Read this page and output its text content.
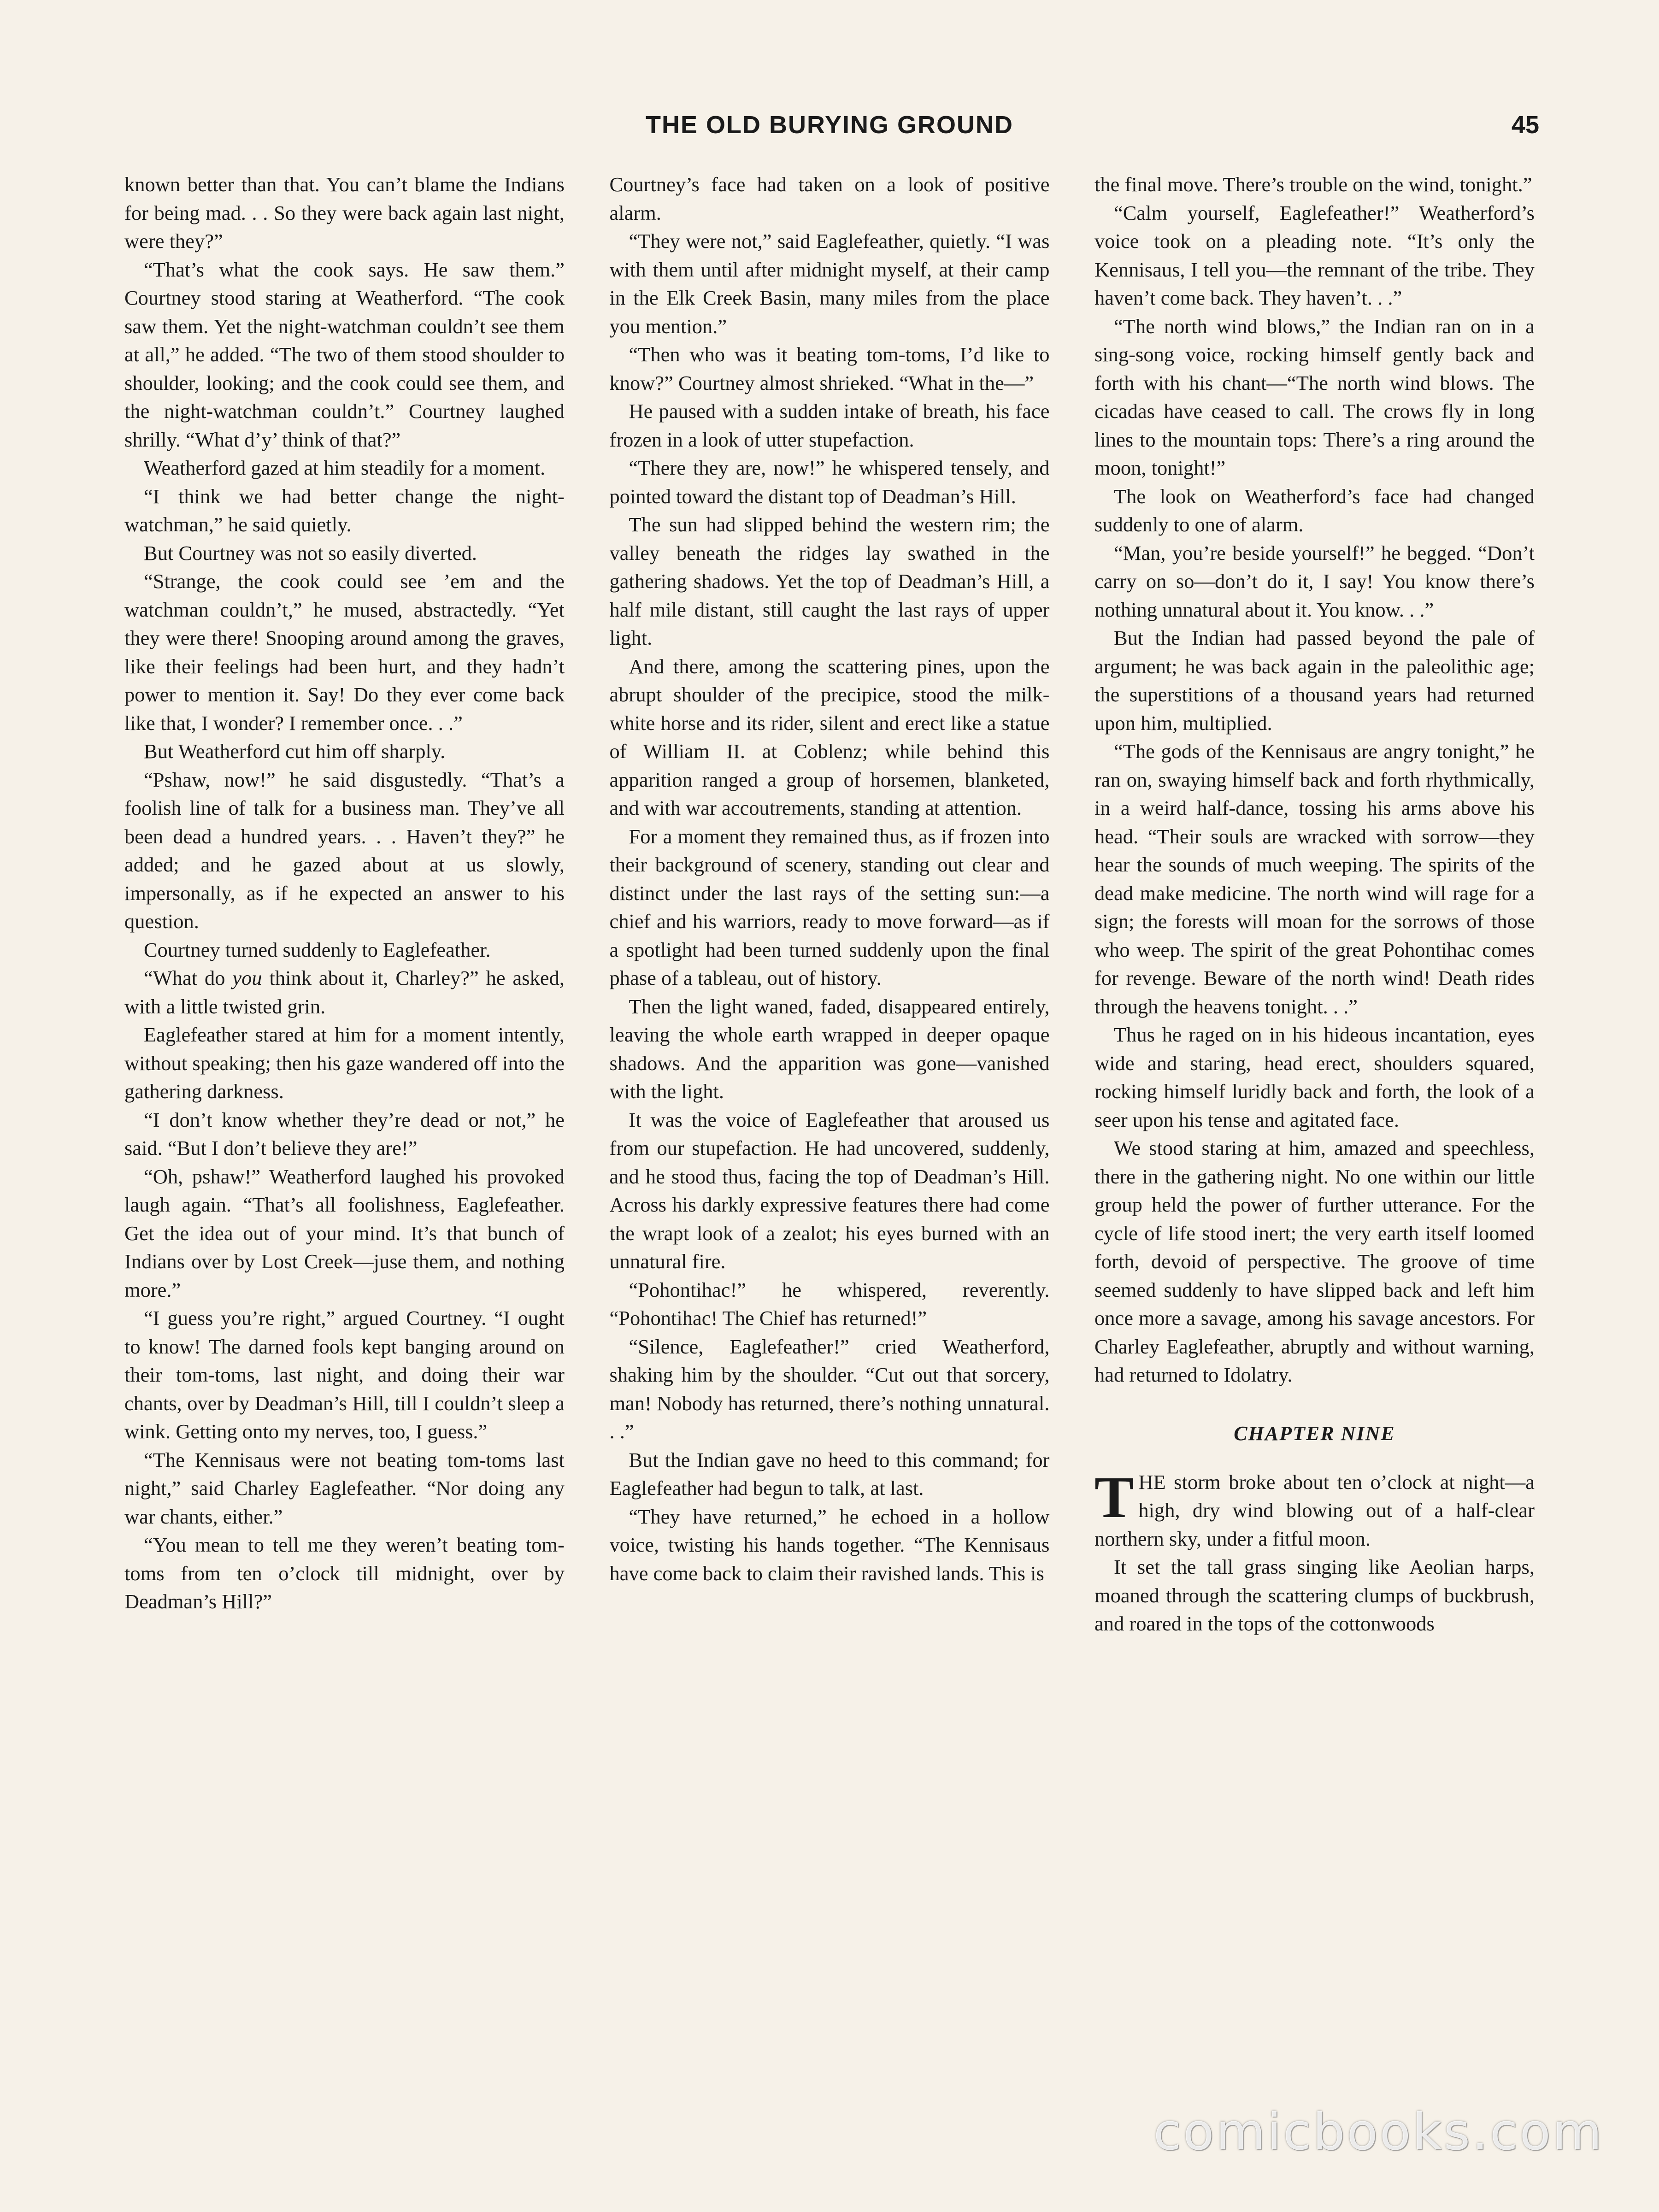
THE OLD BURYING GROUND	45

known better than that. You can’t blame the Indians for being mad. . . So they were back again last night, were they?”

“That’s what the cook says. He saw them.” Courtney stood staring at Weatherford. “The cook saw them. Yet the night-watchman couldn’t see them at all,” he added. “The two of them stood shoulder to shoulder, looking; and the cook could see them, and the night-watchman couldn’t.” Courtney laughed shrilly. “What d’y’ think of that?”

Weatherford gazed at him steadily for a moment.

“I think we had better change the night-watchman,” he said quietly.

But Courtney was not so easily diverted.

“Strange, the cook could see ’em and the watchman couldn’t,” he mused, abstractedly. “Yet they were there! Snooping around among the graves, like their feelings had been hurt, and they hadn’t power to mention it. Say! Do they ever come back like that, I wonder? I remember once. . .”

But Weatherford cut him off sharply.

“Pshaw, now!” he said disgustedly. “That’s a foolish line of talk for a business man. They’ve all been dead a hundred years. . . Haven’t they?” he added; and he gazed about at us slowly, impersonally, as if he expected an answer to his question.

Courtney turned suddenly to Eaglefeather.

“What do you think about it, Charley?” he asked, with a little twisted grin.

Eaglefeather stared at him for a moment intently, without speaking; then his gaze wandered off into the gathering darkness.

“I don’t know whether they’re dead or not,” he said. “But I don’t believe they are!”

“Oh, pshaw!” Weatherford laughed his provoked laugh again. “That’s all foolishness, Eaglefeather. Get the idea out of your mind. It’s that bunch of Indians over by Lost Creek—juse them, and nothing more.”

“I guess you’re right,” argued Courtney. “I ought to know! The darned fools kept banging around on their tom-toms, last night, and doing their war chants, over by Deadman’s Hill, till I couldn’t sleep a wink. Getting onto my nerves, too, I guess.”

“The Kennisaus were not beating tom-toms last night,” said Charley Eaglefeather. “Nor doing any war chants, either.”

“You mean to tell me they weren’t beating tom-toms from ten o’clock till midnight, over by Deadman’s Hill?”

Courtney’s face had taken on a look of positive alarm.

“They were not,” said Eaglefeather, quietly. “I was with them until after midnight myself, at their camp in the Elk Creek Basin, many miles from the place you mention.”

“Then who was it beating tom-toms, I’d like to know?” Courtney almost shrieked. “What in the—”

He paused with a sudden intake of breath, his face frozen in a look of utter stupefaction.

“There they are, now!” he whispered tensely, and pointed toward the distant top of Deadman’s Hill.

The sun had slipped behind the western rim; the valley beneath the ridges lay swathed in the gathering shadows. Yet the top of Deadman’s Hill, a half mile distant, still caught the last rays of upper light.

And there, among the scattering pines, upon the abrupt shoulder of the precipice, stood the milk-white horse and its rider, silent and erect like a statue of William II. at Coblenz; while behind this apparition ranged a group of horsemen, blanketed, and with war accoutrements, standing at attention.

For a moment they remained thus, as if frozen into their background of scenery, standing out clear and distinct under the last rays of the setting sun:—a chief and his warriors, ready to move forward—as if a spotlight had been turned suddenly upon the final phase of a tableau, out of history.

Then the light waned, faded, disappeared entirely, leaving the whole earth wrapped in deeper opaque shadows. And the apparition was gone—vanished with the light.

It was the voice of Eaglefeather that aroused us from our stupefaction. He had uncovered, suddenly, and he stood thus, facing the top of Deadman’s Hill. Across his darkly expressive features there had come the wrapt look of a zealot; his eyes burned with an unnatural fire.

“Pohontihac!” he whispered, reverently. “Pohontihac! The Chief has returned!”

“Silence, Eaglefeather!” cried Weatherford, shaking him by the shoulder. “Cut out that sorcery, man! Nobody has returned, there’s nothing unnatural. . .”

But the Indian gave no heed to this command; for Eaglefeather had begun to talk, at last.

“They have returned,” he echoed in a hollow voice, twisting his hands together. “The Kennisaus have come back to claim their ravished lands. This is

the final move. There’s trouble on the wind, tonight.”

“Calm yourself, Eaglefeather!” Weatherford’s voice took on a pleading note. “It’s only the Kennisaus, I tell you—the remnant of the tribe. They haven’t come back. They haven’t. . .”

“The north wind blows,” the Indian ran on in a sing-song voice, rocking himself gently back and forth with his chant—“The north wind blows. The cicadas have ceased to call. The crows fly in long lines to the mountain tops: There’s a ring around the moon, tonight!”

The look on Weatherford’s face had changed suddenly to one of alarm.

“Man, you’re beside yourself!” he begged. “Don’t carry on so—don’t do it, I say! You know there’s nothing unnatural about it. You know. . .”

But the Indian had passed beyond the pale of argument; he was back again in the paleolithic age; the superstitions of a thousand years had returned upon him, multiplied.

“The gods of the Kennisaus are angry tonight,” he ran on, swaying himself back and forth rhythmically, in a weird half-dance, tossing his arms above his head. “Their souls are wracked with sorrow—they hear the sounds of much weeping. The spirits of the dead make medicine. The north wind will rage for a sign; the forests will moan for the sorrows of those who weep. The spirit of the great Pohontihac comes for revenge. Beware of the north wind! Death rides through the heavens tonight. . .”

Thus he raged on in his hideous incantation, eyes wide and staring, head erect, shoulders squared, rocking himself luridly back and forth, the look of a seer upon his tense and agitated face.

We stood staring at him, amazed and speechless, there in the gathering night. No one within our little group held the power of further utterance. For the cycle of life stood inert; the very earth itself loomed forth, devoid of perspective. The groove of time seemed suddenly to have slipped back and left him once more a savage, among his savage ancestors. For Charley Eaglefeather, abruptly and without warning, had returned to Idolatry.

CHAPTER NINE

THE storm broke about ten o’clock at night—a high, dry wind blowing out of a half-clear northern sky, under a fitful moon.

It set the tall grass singing like Aeolian harps, moaned through the scattering clumps of buckbrush, and roared in the tops of the cottonwoods

comicbooks.com
